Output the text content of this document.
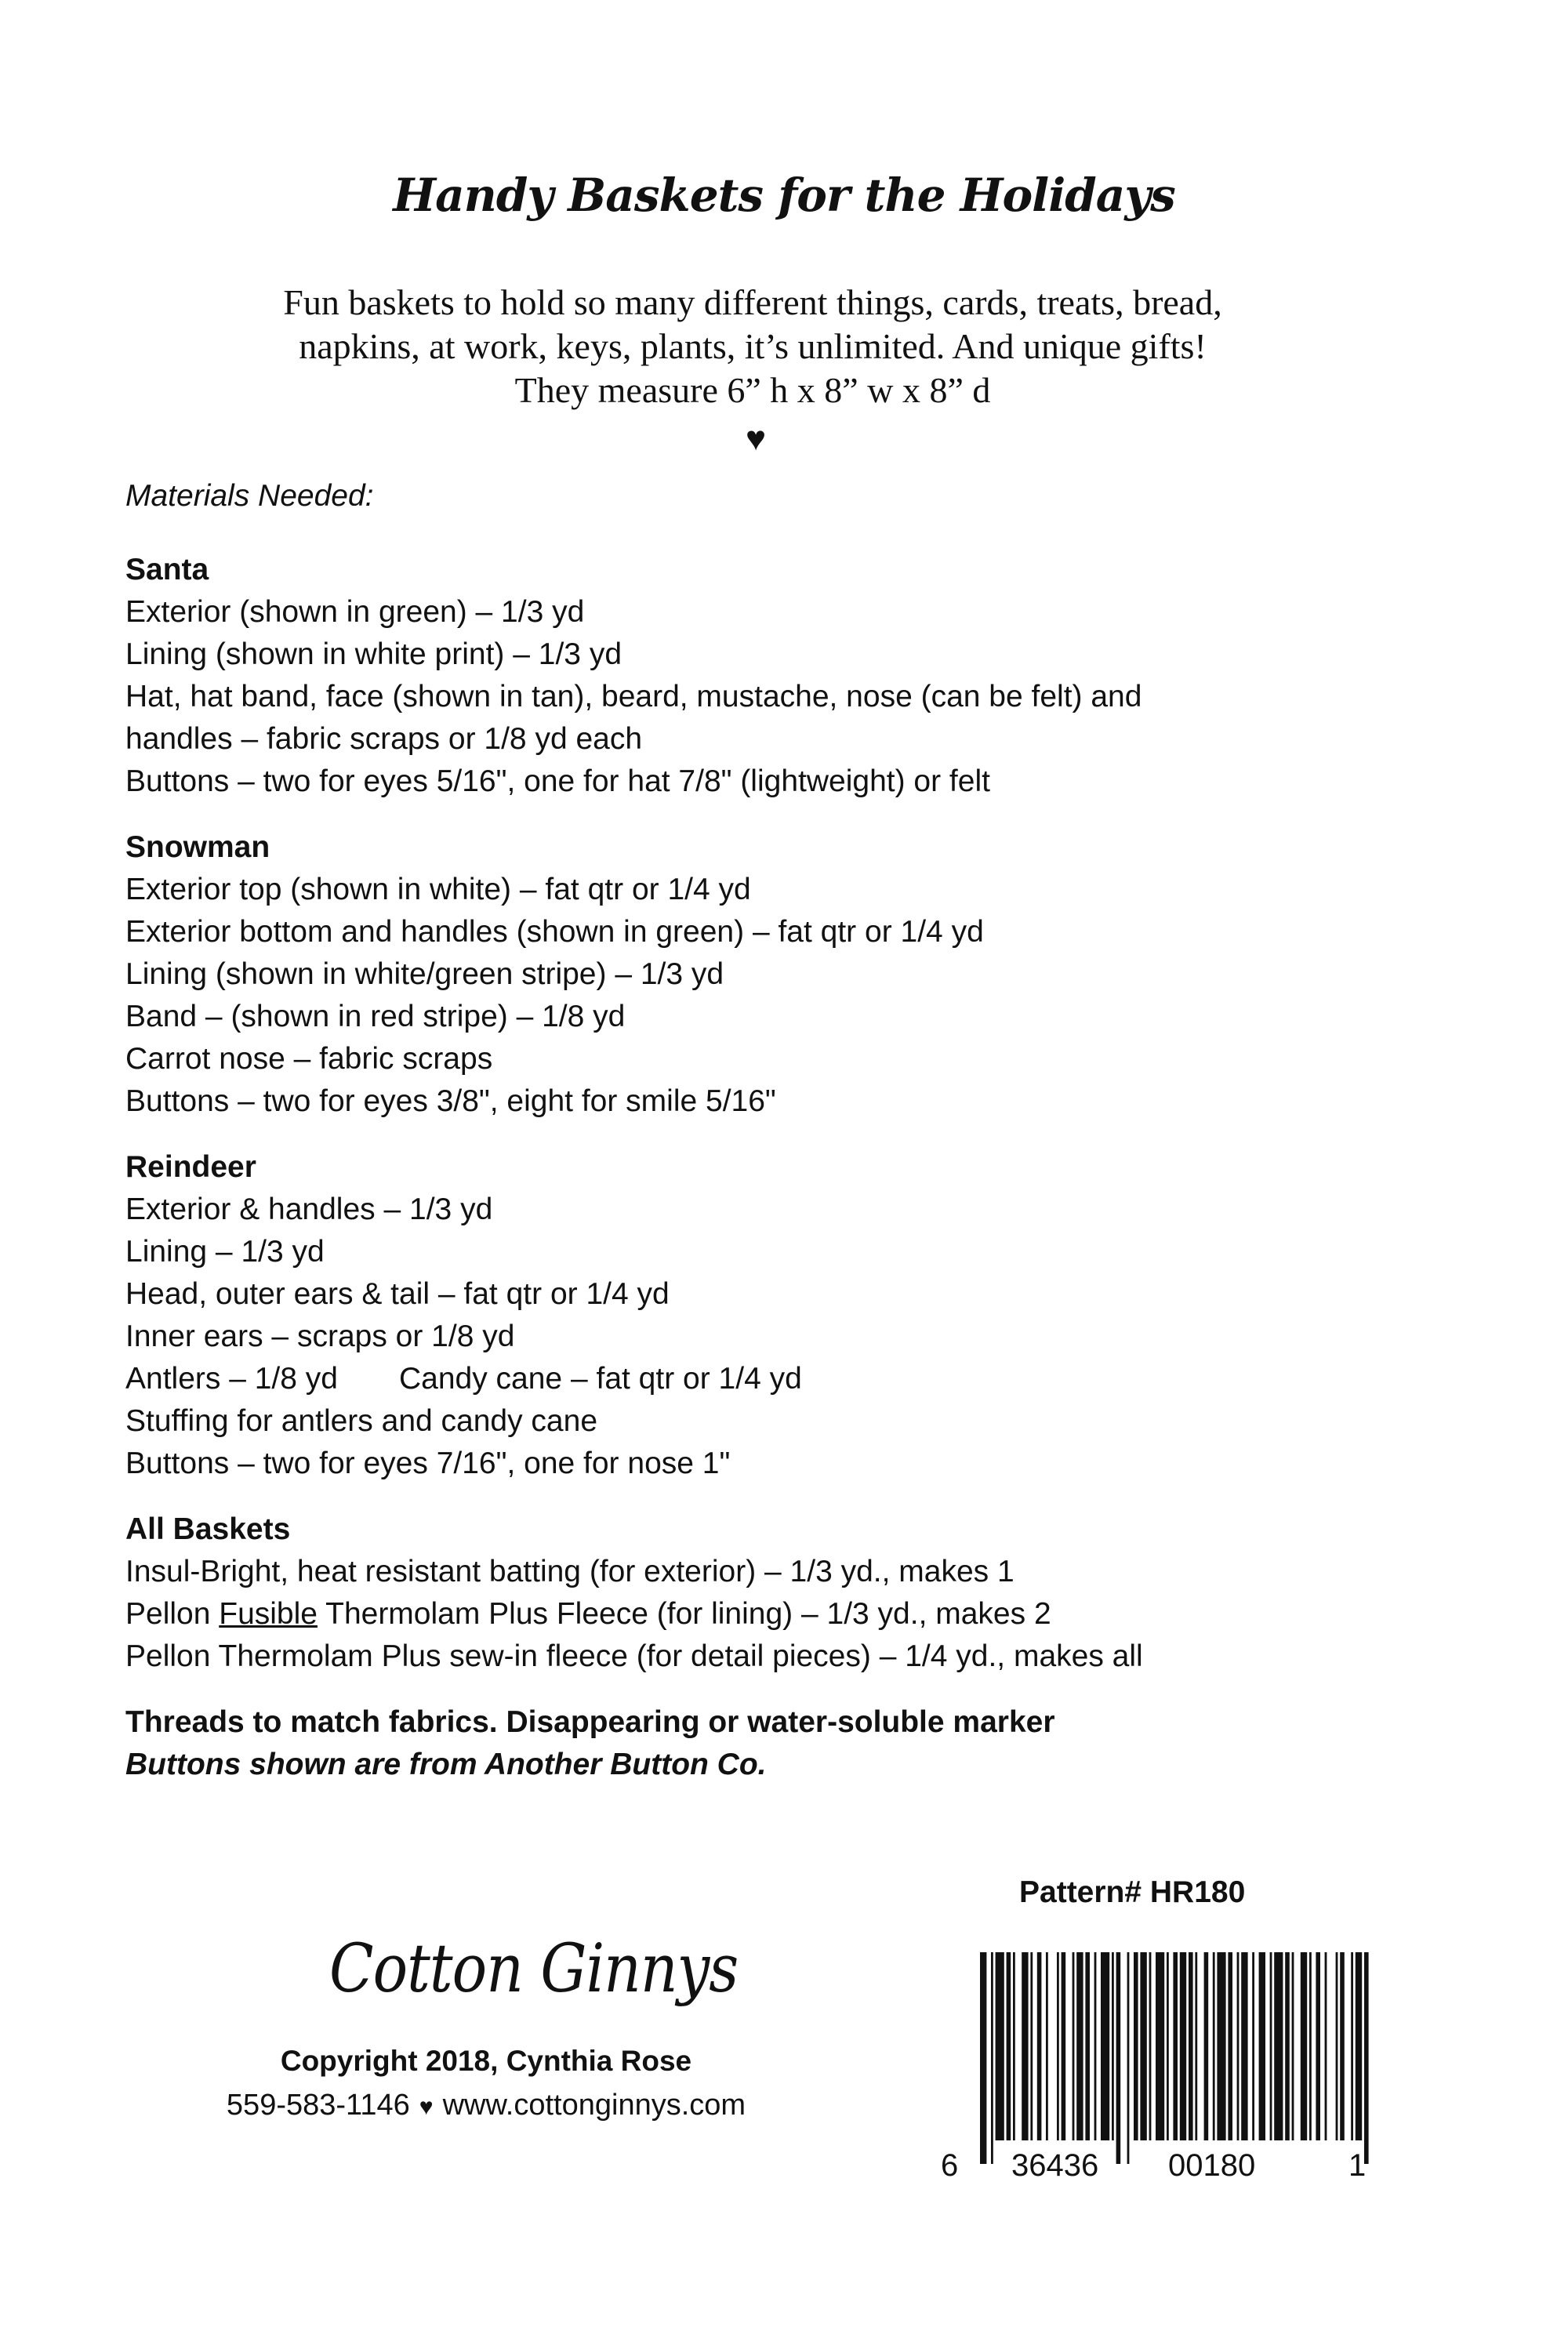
Handy Baskets for the Holidays
Fun baskets to hold so many different things, cards, treats, bread,
napkins, at work, keys, plants, it’s unlimited. And unique gifts!
They measure 6” h x 8” w x 8” d
♥
Materials Needed:
Santa
Exterior (shown in green) – 1/3 yd
Lining (shown in white print) – 1/3 yd
Hat, hat band, face (shown in tan), beard, mustache, nose (can be felt) and
handles – fabric scraps or 1/8 yd each
Buttons – two for eyes 5/16", one for hat 7/8" (lightweight) or felt
Snowman
Exterior top (shown in white) – fat qtr or 1/4 yd
Exterior bottom and handles (shown in green) – fat qtr or 1/4 yd
Lining (shown in white/green stripe) – 1/3 yd
Band – (shown in red stripe) – 1/8 yd
Carrot nose – fabric scraps
Buttons – two for eyes 3/8", eight for smile 5/16"
Reindeer
Exterior & handles – 1/3 yd
Lining – 1/3 yd
Head, outer ears & tail – fat qtr or 1/4 yd
Inner ears – scraps or 1/8 yd
Antlers – 1/8 yd Candy cane – fat qtr or 1/4 yd
Stuffing for antlers and candy cane
Buttons – two for eyes 7/16", one for nose 1"
All Baskets
Insul-Bright, heat resistant batting (for exterior) – 1/3 yd., makes 1
Pellon Fusible Thermolam Plus Fleece (for lining) – 1/3 yd., makes 2
Pellon Thermolam Plus sew-in fleece (for detail pieces) – 1/4 yd., makes all
Threads to match fabrics. Disappearing or water-soluble marker
Buttons shown are from Another Button Co.
Pattern# HR180
Cotton Ginnys
Copyright 2018, Cynthia Rose
559-583-1146 ♥ www.cottonginnys.com
6 36436 00180	1
